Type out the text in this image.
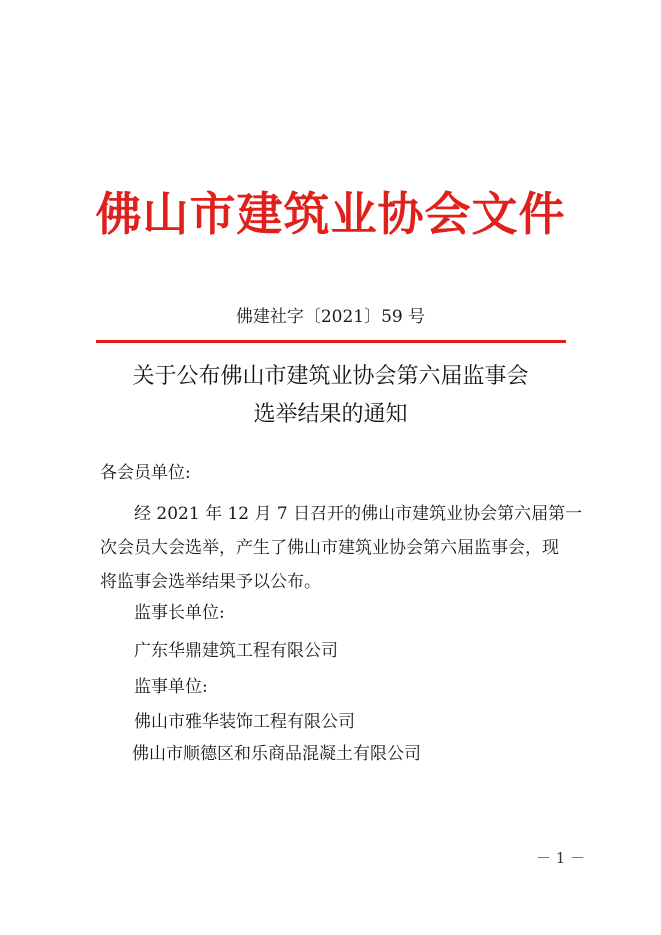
佛山市建筑业协会文件
佛建社字〔2021〕59 号
关于公布佛山市建筑业协会第六届监事会
选举结果的通知
各会员单位:
经 2021 年 12 月 7 日召开的佛山市建筑业协会第六届第一
次会员大会选举，产生了佛山市建筑业协会第六届监事会，现
将监事会选举结果予以公布。
监事长单位:
广东华鼎建筑工程有限公司
监事单位:
佛山市雅华装饰工程有限公司
佛山市顺德区和乐商品混凝土有限公司
－ 1 －
